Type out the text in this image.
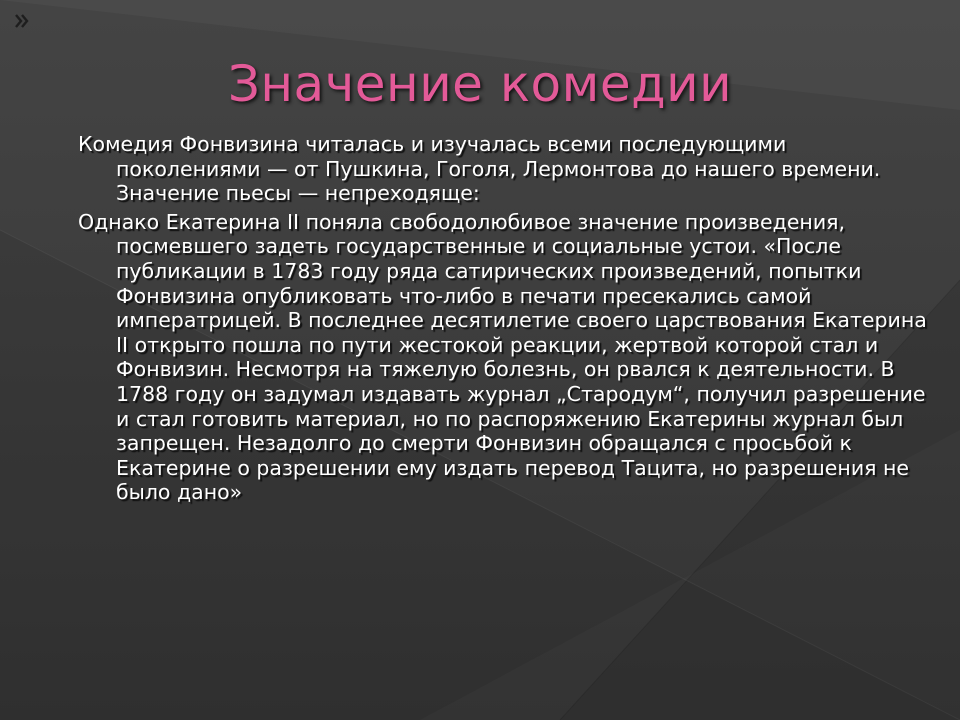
Значение комедии

Комедия Фонвизина читалась и изучалась всеми последующими поколениями — от Пушкина, Гоголя, Лермонтова до нашего времени. Значение пьесы — непреходяще:

Однако Екатерина II поняла свободолюбивое значение произведения, посмевшего задеть государственные и социальные устои. «После публикации в 1783 году ряда сатирических произведений, попытки Фонвизина опубликовать что-либо в печати пресекались самой императрицей. В последнее десятилетие своего царствования Екатерина II открыто пошла по пути жестокой реакции, жертвой которой стал и Фонвизин. Несмотря на тяжелую болезнь, он рвался к деятельности. В 1788 году он задумал издавать журнал „Стародум“, получил разрешение и стал готовить материал, но по распоряжению Екатерины журнал был запрещен. Незадолго до смерти Фонвизин обращался с просьбой к Екатерине о разрешении ему издать перевод Тацита, но разрешения не было дано»
